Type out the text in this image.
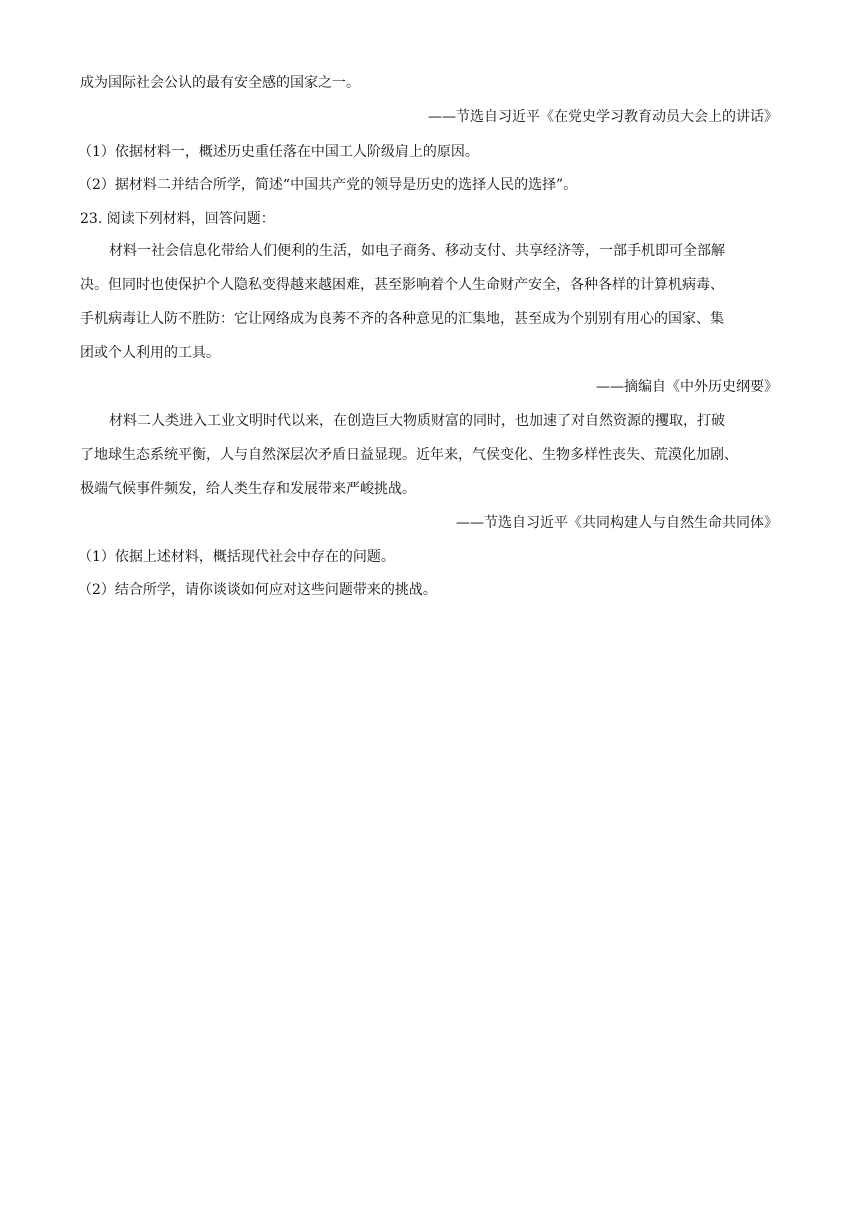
成为国际社会公认的最有安全感的国家之一。
——节选自习近平《在党史学习教育动员大会上的讲话》
（1）依据材料一，概述历史重任落在中国工人阶级肩上的原因。
（2）据材料二并结合所学，简述“中国共产党的领导是历史的选择人民的选择”。
23. 阅读下列材料，回答问题：
材料一社会信息化带给人们便利的生活，如电子商务、移动支付、共享经济等，一部手机即可全部解
决。但同时也使保护个人隐私变得越来越困难，甚至影响着个人生命财产安全，各种各样的计算机病毒、
手机病毒让人防不胜防：它让网络成为良莠不齐的各种意见的汇集地，甚至成为个别别有用心的国家、集
团或个人利用的工具。
——摘编自《中外历史纲要》
材料二人类进入工业文明时代以来，在创造巨大物质财富的同时，也加速了对自然资源的攫取，打破
了地球生态系统平衡，人与自然深层次矛盾日益显现。近年来，气侯变化、生物多样性丧失、荒漠化加剧、
极端气候事件频发，给人类生存和发展带来严峻挑战。
——节选自习近平《共同构建人与自然生命共同体》
（1）依据上述材料，概括现代社会中存在的问题。
（2）结合所学，请你谈谈如何应对这些问题带来的挑战。
